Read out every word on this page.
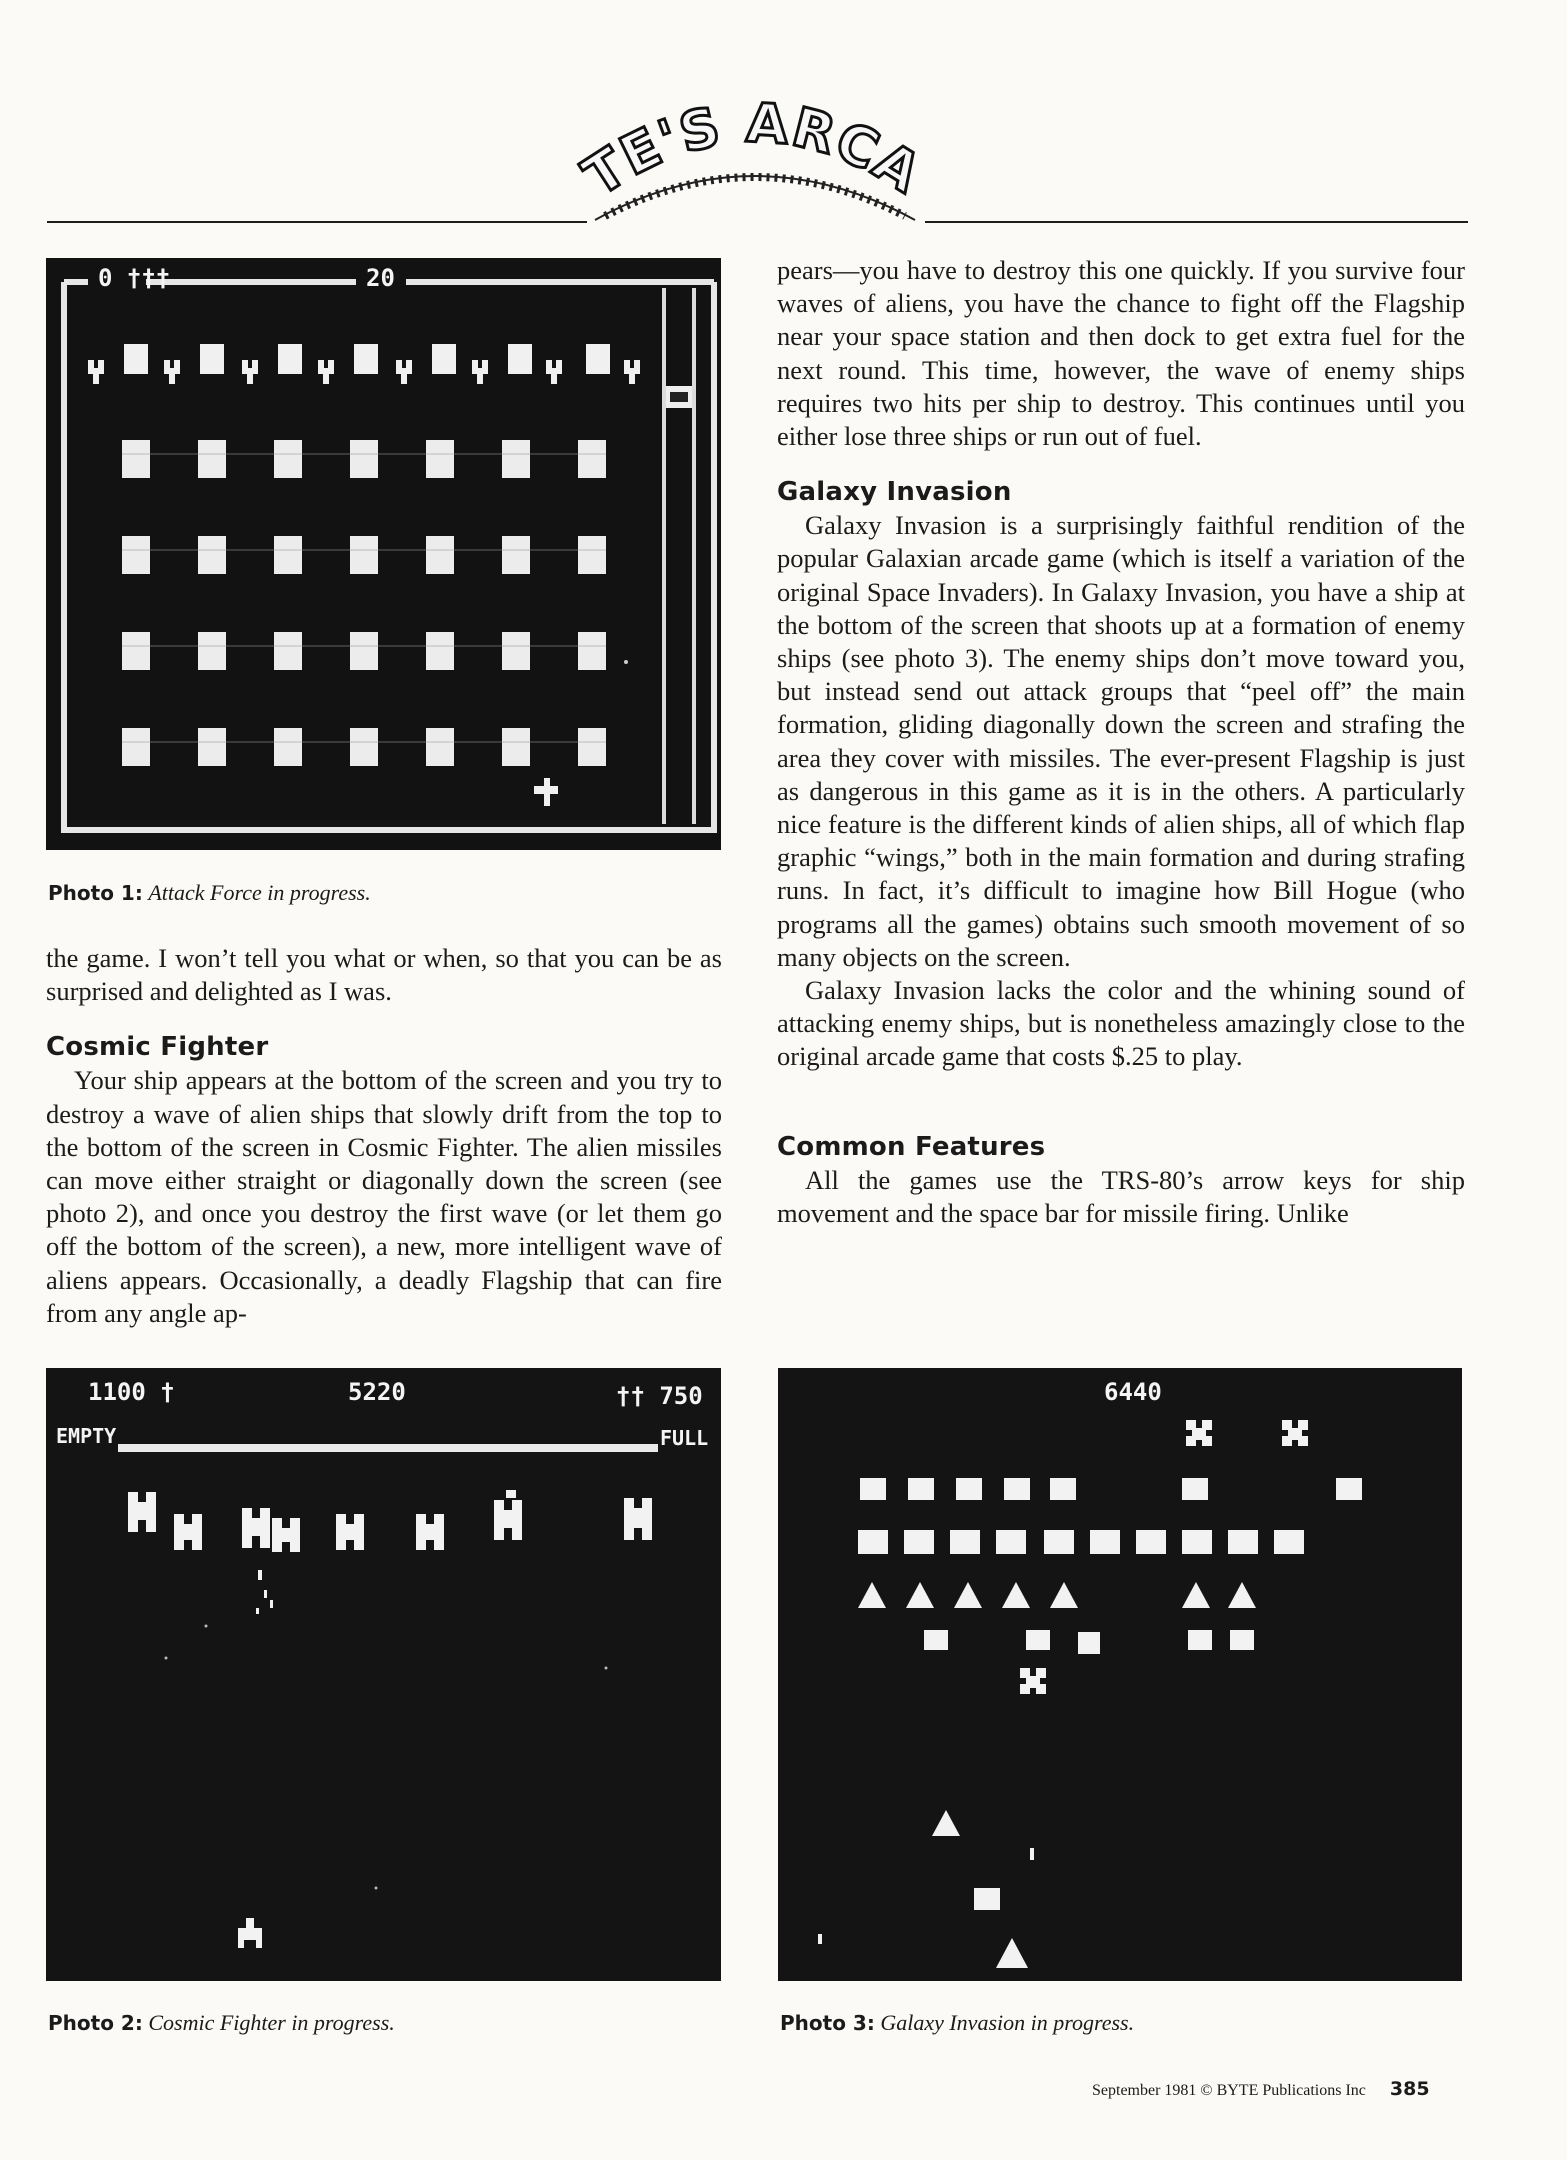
TE'S ARCA
0 †††	20
Photo 1: Attack Force in progress.

the game. I won’t tell you what or when, so that you can be as surprised and delighted as I was.

Cosmic Fighter

Your ship appears at the bottom of the screen and you try to destroy a wave of alien ships that slowly drift from the top to the bottom of the screen in Cosmic Fighter. The alien missiles can move either straight or diagonally down the screen (see photo 2), and once you destroy the first wave (or let them go off the bottom of the screen), a new, more intelligent wave of aliens appears. Occasionally, a deadly Flagship that can fire from any angle ap-

pears—you have to destroy this one quickly. If you survive four waves of aliens, you have the chance to fight off the Flagship near your space station and then dock to get extra fuel for the next round. This time, however, the wave of enemy ships requires two hits per ship to destroy. This continues until you either lose three ships or run out of fuel.

Galaxy Invasion

Galaxy Invasion is a surprisingly faithful rendition of the popular Galaxian arcade game (which is itself a variation of the original Space Invaders). In Galaxy Invasion, you have a ship at the bottom of the screen that shoots up at a formation of enemy ships (see photo 3). The enemy ships don’t move toward you, but instead send out attack groups that “peel off” the main formation, gliding diagonally down the screen and strafing the area they cover with missiles. The ever-present Flagship is just as dangerous in this game as it is in the others. A particularly nice feature is the different kinds of alien ships, all of which flap graphic “wings,” both in the main formation and during strafing runs. In fact, it’s difficult to imagine how Bill Hogue (who programs all the games) obtains such smooth movement of so many objects on the screen.

Galaxy Invasion lacks the color and the whining sound of attacking enemy ships, but is nonetheless amazingly close to the original arcade game that costs $.25 to play.

Common Features

All the games use the TRS-80’s arrow keys for ship movement and the space bar for missile firing. Unlike

1100 †	5220	†† 750
EMPTY	FULL
Photo 2: Cosmic Fighter in progress.
6440
Photo 3: Galaxy Invasion in progress.
September 1981 © BYTE Publications Inc 385
